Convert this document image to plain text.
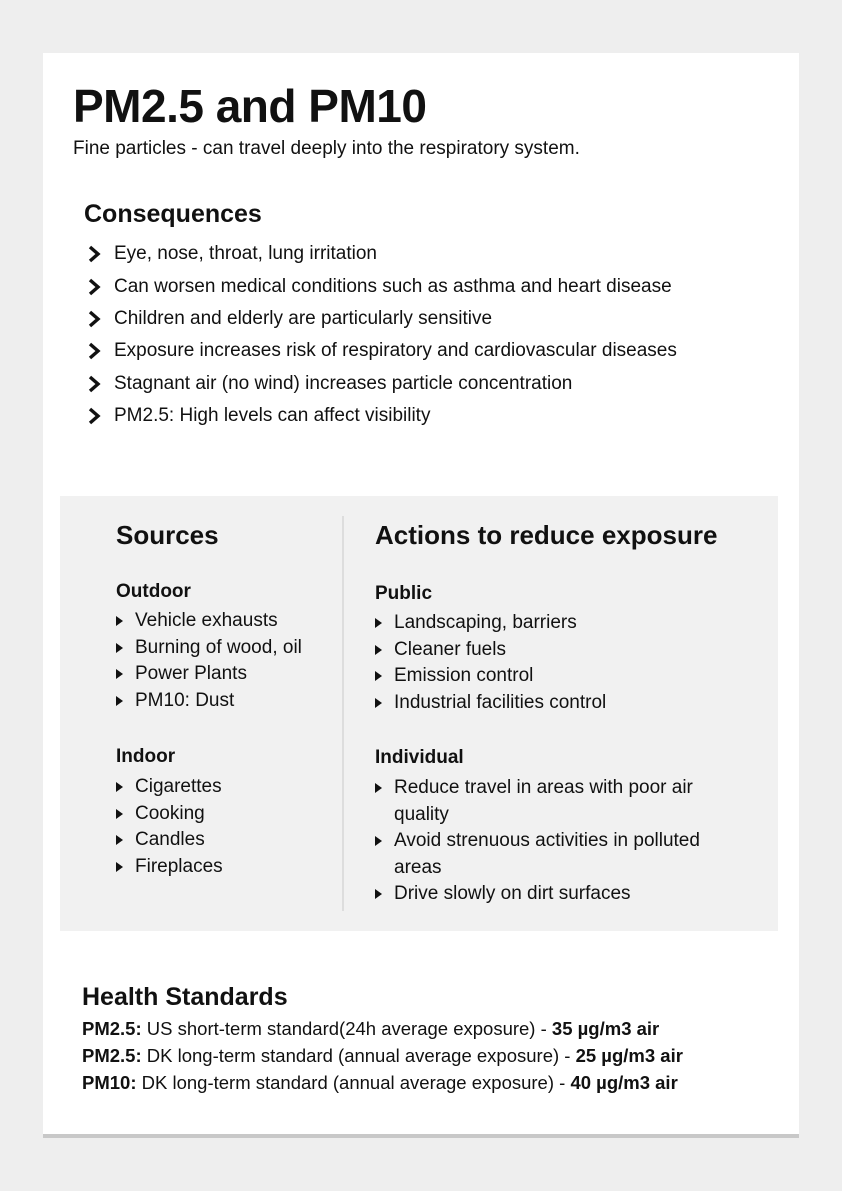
PM2.5 and PM10

Fine particles - can travel deeply into the respiratory system.

Consequences
Eye, nose, throat, lung irritation
Can worsen medical conditions such as asthma and heart disease
Children and elderly are particularly sensitive
Exposure increases risk of respiratory and cardiovascular diseases
Stagnant air (no wind) increases particle concentration
PM2.5: High levels can affect visibility
Sources
Outdoor
Vehicle exhausts
Burning of wood, oil
Power Plants
PM10: Dust
Indoor
Cigarettes
Cooking
Candles
Fireplaces
Actions to reduce exposure
Public
Landscaping, barriers
Cleaner fuels
Emission control
Industrial facilities control
Individual
Reduce travel in areas with poor air quality
Avoid strenuous activities in polluted areas
Drive slowly on dirt surfaces
Health Standards
PM2.5: US short-term standard(24h average exposure) - 35 µg/m3 air
PM2.5: DK long-term standard (annual average exposure) - 25 µg/m3 air
PM10: DK long-term standard (annual average exposure) - 40 µg/m3 air
